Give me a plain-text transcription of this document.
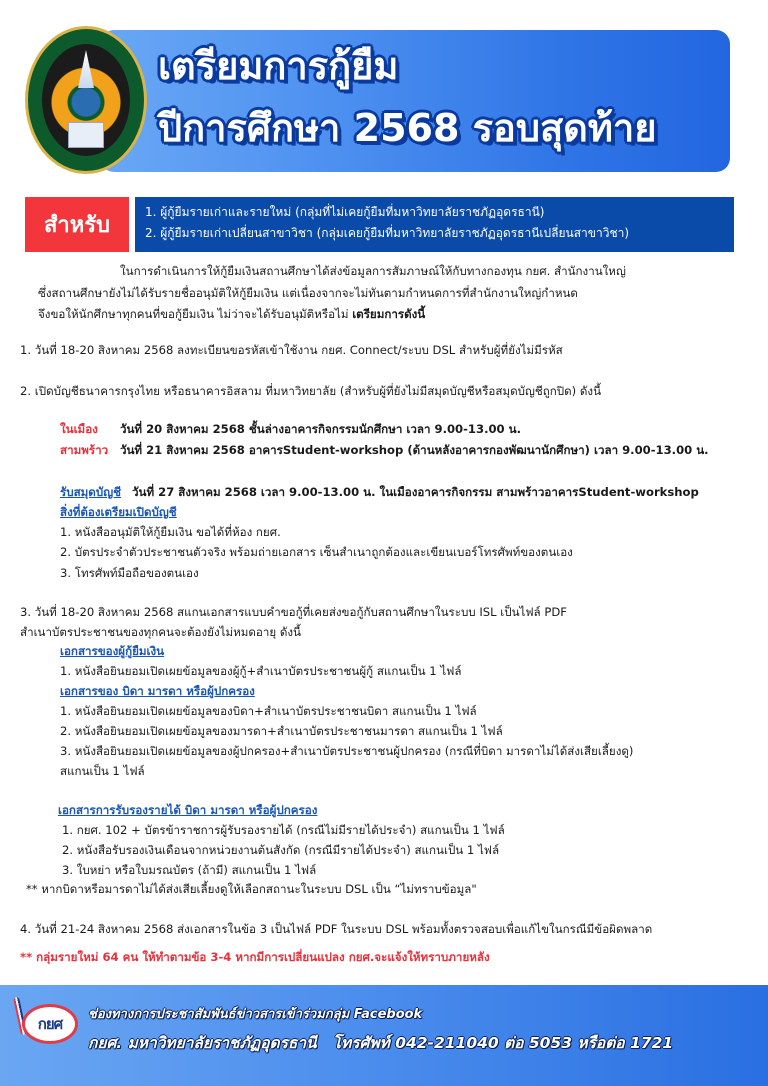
เตรียมการกู้ยืม
ปีการศึกษา 2568 รอบสุดท้าย
สำหรับ
1. ผู้กู้ยืมรายเก่าและรายใหม่ (กลุ่มที่ไม่เคยกู้ยืมที่มหาวิทยาลัยราชภัฏอุดรธานี)
2. ผู้กู้ยืมรายเก่าเปลี่ยนสาขาวิชา (กลุ่มเคยกู้ยืมที่มหาวิทยาลัยราชภัฏอุดรธานีเปลี่ยนสาขาวิชา)
ในการดำเนินการให้กู้ยืมเงินสถานศึกษาได้ส่งข้อมูลการสัมภาษณ์ให้กับทางกองทุน กยศ. สำนักงานใหญ่
ซึ่งสถานศึกษายังไม่ได้รับรายชื่ออนุมัติให้กู้ยืมเงิน แต่เนื่องจากจะไม่ทันตามกำหนดการที่สำนักงานใหญ่กำหนด
จึงขอให้นักศึกษาทุกคนที่ขอกู้ยืมเงิน ไม่ว่าจะได้รับอนุมัติหรือไม่ เตรียมการดังนี้
1. วันที่ 18-20 สิงหาคม 2568 ลงทะเบียนขอรหัสเข้าใช้งาน กยศ. Connect/ระบบ DSL สำหรับผู้ที่ยังไม่มีรหัส
2. เปิดบัญชีธนาคารกรุงไทย หรือธนาคารอิสลาม ที่มหาวิทยาลัย (สำหรับผู้ที่ยังไม่มีสมุดบัญชีหรือสมุดบัญชีถูกปิด) ดังนี้
ในเมือง วันที่ 20 สิงหาคม 2568 ชั้นล่างอาคารกิจกรรมนักศึกษา เวลา 9.00-13.00 น.
สามพร้าว วันที่ 21 สิงหาคม 2568 อาคารStudent-workshop (ด้านหลังอาคารกองพัฒนานักศึกษา) เวลา 9.00-13.00 น.
รับสมุดบัญชี วันที่ 27 สิงหาคม 2568 เวลา 9.00-13.00 น. ในเมืองอาคารกิจกรรม สามพร้าวอาคารStudent-workshop
สิ่งที่ต้องเตรียมเปิดบัญชี
1. หนังสืออนุมัติให้กู้ยืมเงิน ขอได้ที่ห้อง กยศ.
2. บัตรประจำตัวประชาชนตัวจริง พร้อมถ่ายเอกสาร เซ็นสำเนาถูกต้องและเขียนเบอร์โทรศัพท์ของตนเอง
3. โทรศัพท์มือถือของตนเอง
3. วันที่ 18-20 สิงหาคม 2568 สแกนเอกสารแบบคำขอกู้ที่เคยส่งขอกู้กับสถานศึกษาในระบบ ISL เป็นไฟล์ PDF
สำเนาบัตรประชาชนของทุกคนจะต้องยังไม่หมดอายุ ดังนี้
เอกสารของผู้กู้ยืมเงิน
1. หนังสือยินยอมเปิดเผยข้อมูลของผู้กู้+สำเนาบัตรประชาชนผู้กู้ สแกนเป็น 1 ไฟล์
เอกสารของ บิดา มารดา หรือผู้ปกครอง
1. หนังสือยินยอมเปิดเผยข้อมูลของบิดา+สำเนาบัตรประชาชนบิดา สแกนเป็น 1 ไฟล์
2. หนังสือยินยอมเปิดเผยข้อมูลของมารดา+สำเนาบัตรประชาชนมารดา สแกนเป็น 1 ไฟล์
3. หนังสือยินยอมเปิดเผยข้อมูลของผู้ปกครอง+สำเนาบัตรประชาชนผู้ปกครอง (กรณีที่บิดา มารดาไม่ได้ส่งเสียเลี้ยงดู)
สแกนเป็น 1 ไฟล์
เอกสารการรับรองรายได้ บิดา มารดา หรือผู้ปกครอง
1. กยศ. 102 + บัตรข้าราชการผู้รับรองรายได้ (กรณีไม่มีรายได้ประจำ) สแกนเป็น 1 ไฟล์
2. หนังสือรับรองเงินเดือนจากหน่วยงานต้นสังกัด (กรณีมีรายได้ประจำ) สแกนเป็น 1 ไฟล์
3. ใบหย่า หรือใบมรณบัตร (ถ้ามี) สแกนเป็น 1 ไฟล์
** หากบิดาหรือมารดาไม่ได้ส่งเสียเลี้ยงดูให้เลือกสถานะในระบบ DSL เป็น “ไม่ทราบข้อมูล"
4. วันที่ 21-24 สิงหาคม 2568 ส่งเอกสารในข้อ 3 เป็นไฟล์ PDF ในระบบ DSL พร้อมทั้งตรวจสอบเพื่อแก้ไขในกรณีมีข้อผิดพลาด
** กลุ่มรายใหม่ 64 คน ให้ทำตามข้อ 3-4 หากมีการเปลี่ยนแปลง กยศ.จะแจ้งให้ทราบภายหลัง
กยศ
ช่องทางการประชาสัมพันธ์ข่าวสารเข้าร่วมกลุ่ม Facebook
กยศ. มหาวิทยาลัยราชภัฏอุดรธานี โทรศัพท์ 042-211040 ต่อ 5053 หรือต่อ 1721
